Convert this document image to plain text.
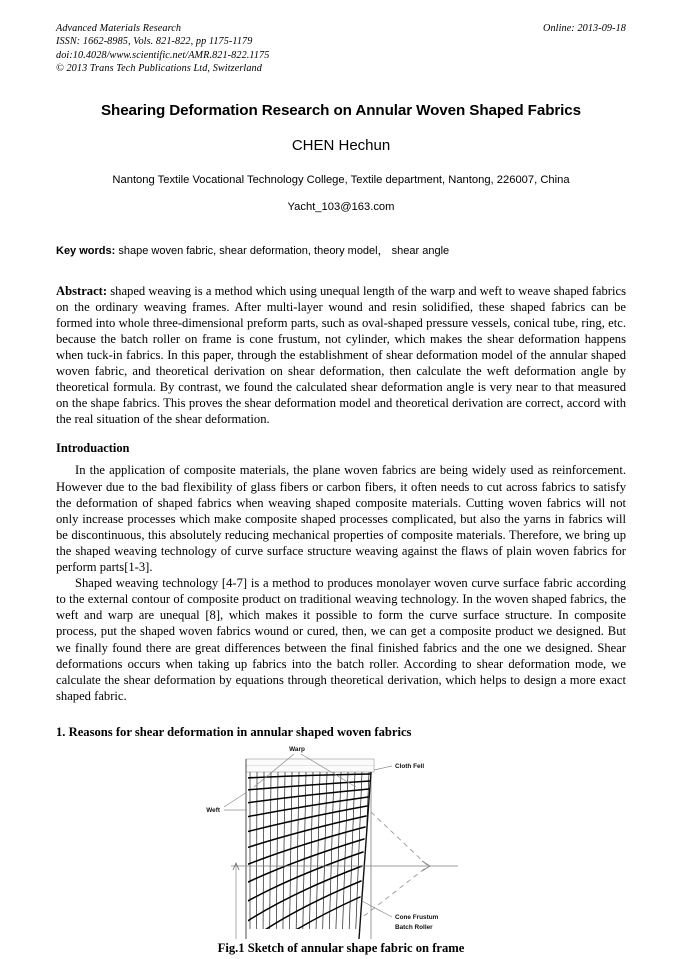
Online: 2013-09-18
Advanced Materials Research
ISSN: 1662-8985, Vols. 821-822, pp 1175-1179
doi:10.4028/www.scientific.net/AMR.821-822.1175
© 2013 Trans Tech Publications Ltd, Switzerland
Shearing Deformation Research on Annular Woven Shaped Fabrics
CHEN Hechun
Nantong Textile Vocational Technology College, Textile department, Nantong, 226007, China
Yacht_103@163.com
Key words: shape woven fabric, shear deformation, theory model， shear angle
Abstract: shaped weaving is a method which using unequal length of the warp and weft to weave shaped fabrics on the ordinary weaving frames. After multi-layer wound and resin solidified, these shaped fabrics can be formed into whole three-dimensional preform parts, such as oval-shaped pressure vessels, conical tube, ring, etc. because the batch roller on frame is cone frustum, not cylinder, which makes the shear deformation happens when tuck-in fabrics. In this paper, through the establishment of shear deformation model of the annular shaped woven fabric, and theoretical derivation on shear deformation, then calculate the weft deformation angle by theoretical formula. By contrast, we found the calculated shear deformation angle is very near to that measured on the shape fabrics. This proves the shear deformation model and theoretical derivation are correct, accord with the real situation of the shear deformation.
Introduaction

In the application of composite materials, the plane woven fabrics are being widely used as reinforcement. However due to the bad flexibility of glass fibers or carbon fibers, it often needs to cut across fabrics to satisfy the deformation of shaped fabrics when weaving shaped composite materials. Cutting woven fabrics will not only increase processes which make composite shaped processes complicated, but also the yarns in fabrics will be discontinuous, this absolutely reducing mechanical properties of composite materials. Therefore, we bring up the shaped weaving technology of curve surface structure weaving against the flaws of plain woven fabrics for perform parts[1-3].

Shaped weaving technology [4-7] is a method to produces monolayer woven curve surface fabric according to the external contour of composite product on traditional weaving technology. In the woven shaped fabrics, the weft and warp are unequal [8], which makes it possible to form the curve surface structure. In composite process, put the shaped woven fabrics wound or cured, then, we can get a composite product we designed. But we finally found there are great differences between the final finished fabrics and the one we designed. Shear deformations occurs when taking up fabrics into the batch roller. According to shear deformation mode, we calculate the shear deformation by equations through theoretical derivation, which helps to design a more exact shaped fabric.

1. Reasons for shear deformation in annular shaped woven fabrics
Warp
Weft
Cloth Fell
Cone Frustum
Batch Roller
Fig.1 Sketch of annular shape fabric on frame
